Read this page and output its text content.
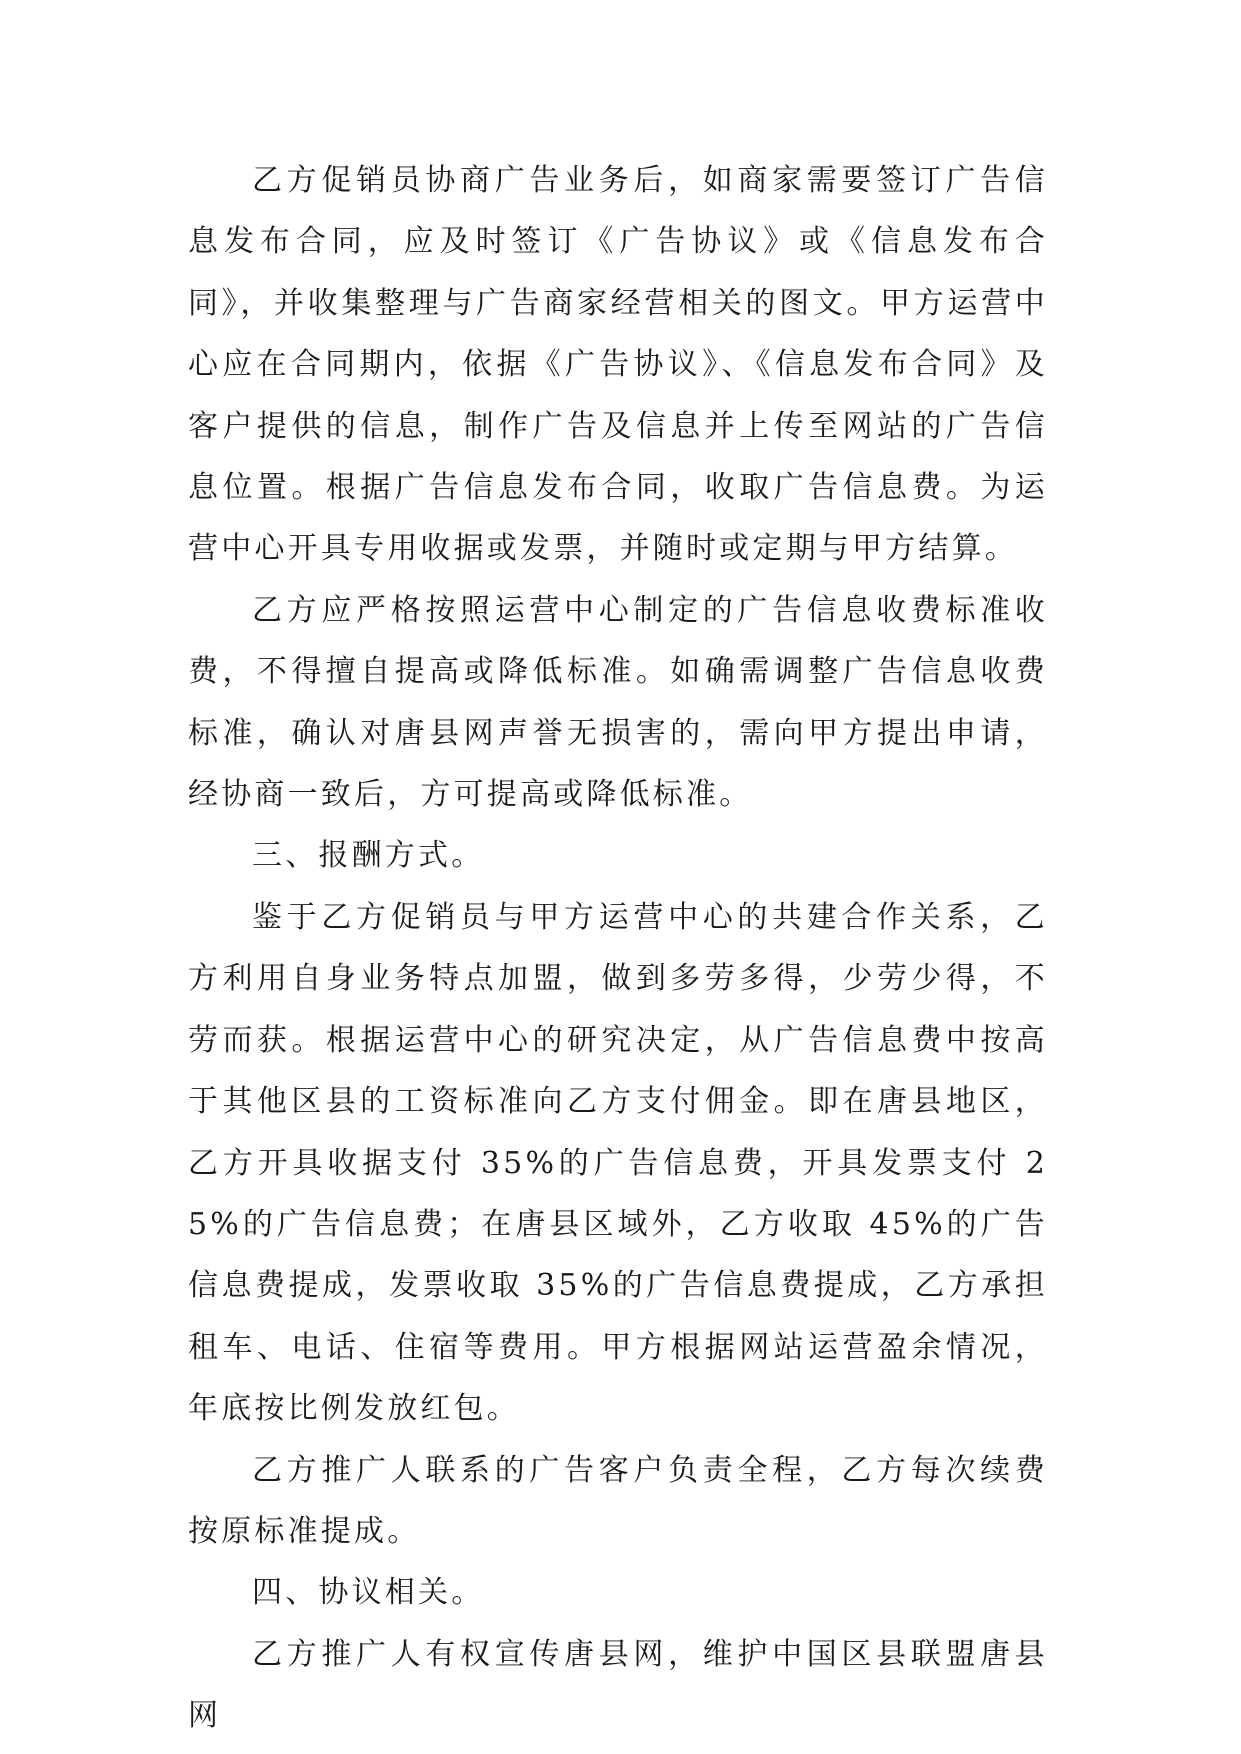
乙方促销员协商广告业务后，如商家需要签订广告信息发布合同，应及时签订《广告协议》或《信息发布合同》，并收集整理与广告商家经营相关的图文。甲方运营中心应在合同期内，依据《广告协议》、《信息发布合同》及客户提供的信息，制作广告及信息并上传至网站的广告信息位置。根据广告信息发布合同，收取广告信息费。为运营中心开具专用收据或发票，并随时或定期与甲方结算。

乙方应严格按照运营中心制定的广告信息收费标准收费，不得擅自提高或降低标准。如确需调整广告信息收费标准，确认对唐县网声誉无损害的，需向甲方提出申请，经协商一致后，方可提高或降低标准。

三、报酬方式。

鉴于乙方促销员与甲方运营中心的共建合作关系，乙方利用自身业务特点加盟，做到多劳多得，少劳少得，不劳而获。根据运营中心的研究决定，从广告信息费中按高于其他区县的工资标准向乙方支付佣金。即在唐县地区，乙方开具收据支付 35%的广告信息费，开具发票支付 25%的广告信息费；在唐县区域外，乙方收取 45%的广告信息费提成，发票收取 35%的广告信息费提成，乙方承担租车、电话、住宿等费用。甲方根据网站运营盈余情况，年底按比例发放红包。

乙方推广人联系的广告客户负责全程，乙方每次续费按原标准提成。

四、协议相关。

乙方推广人有权宣传唐县网，维护中国区县联盟唐县网
